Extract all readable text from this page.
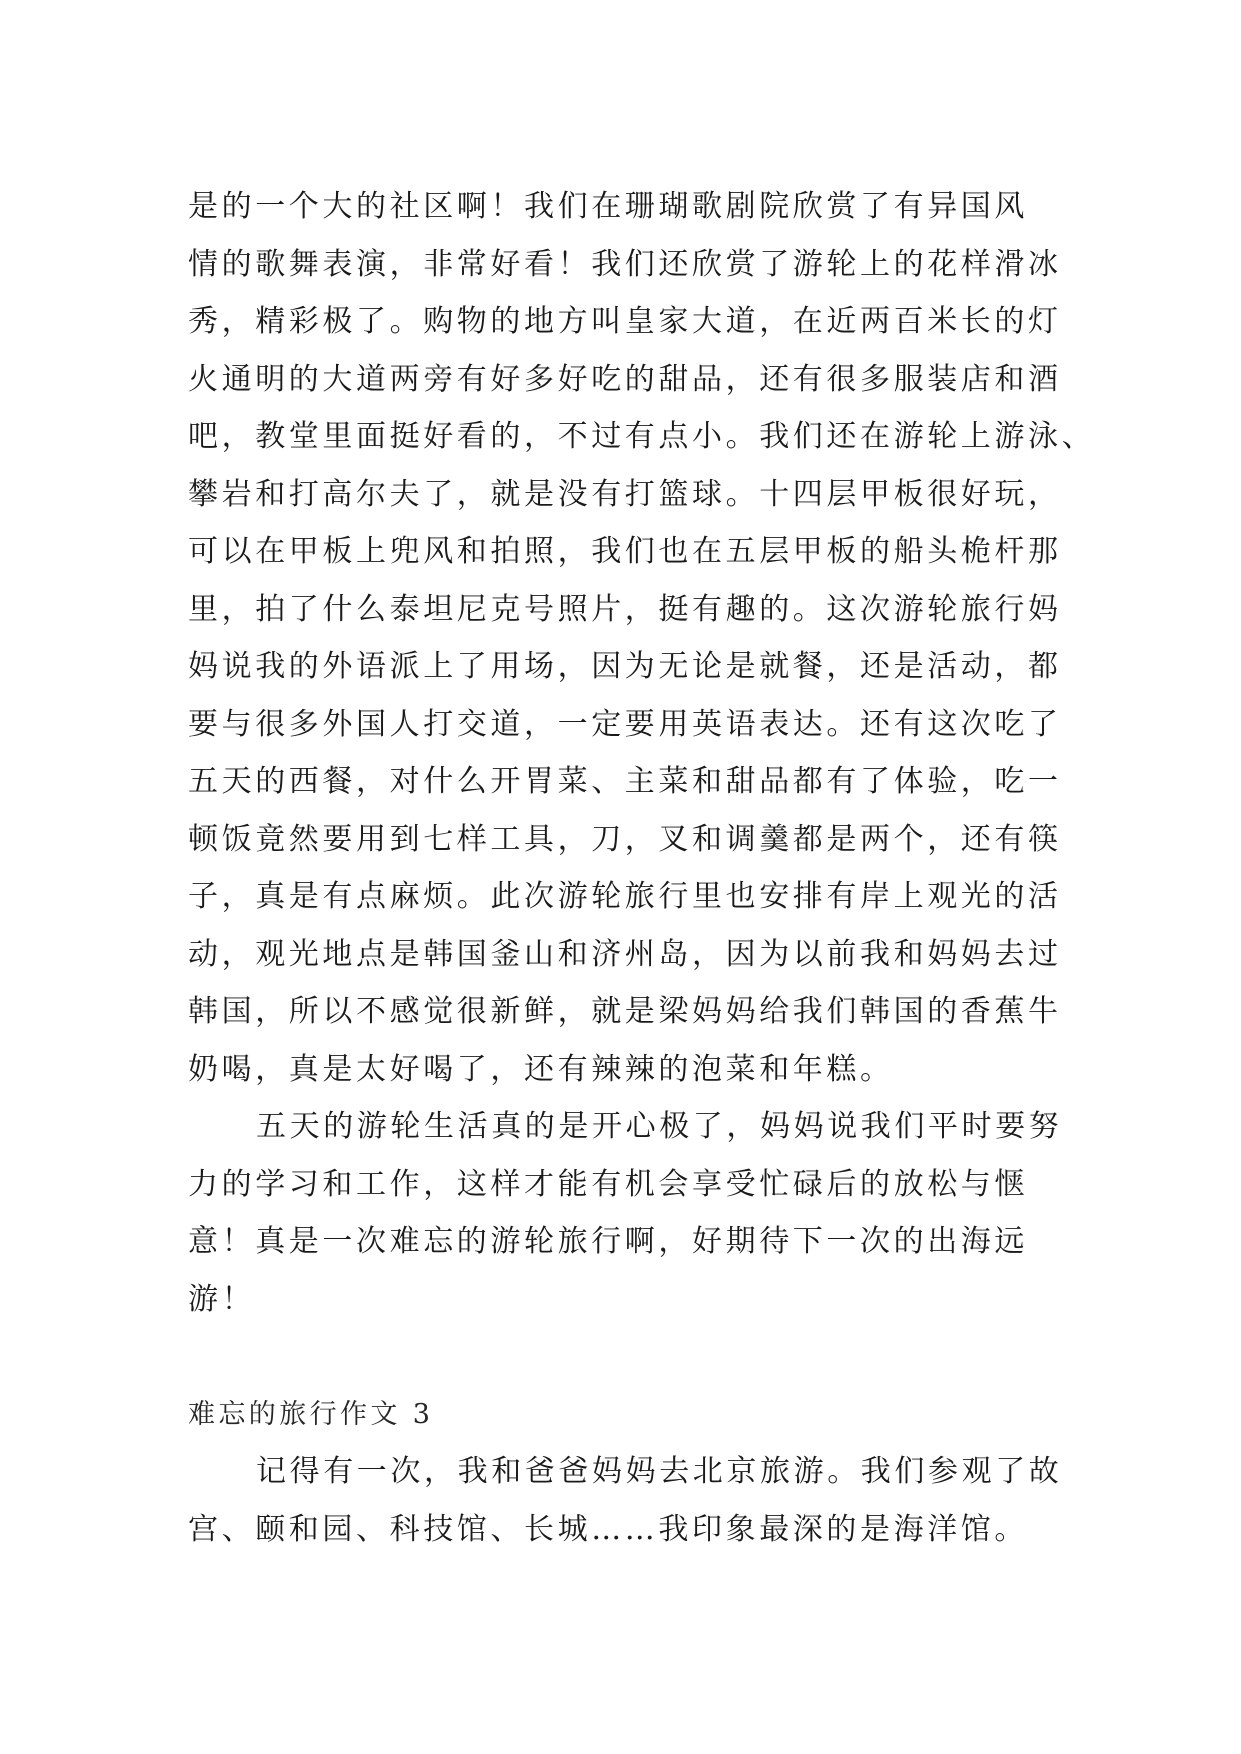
是的一个大的社区啊！我们在珊瑚歌剧院欣赏了有异国风
情的歌舞表演，非常好看！我们还欣赏了游轮上的花样滑冰
秀，精彩极了。购物的地方叫皇家大道，在近两百米长的灯
火通明的大道两旁有好多好吃的甜品，还有很多服装店和酒
吧，教堂里面挺好看的，不过有点小。我们还在游轮上游泳、
攀岩和打高尔夫了，就是没有打篮球。十四层甲板很好玩，
可以在甲板上兜风和拍照，我们也在五层甲板的船头桅杆那
里，拍了什么泰坦尼克号照片，挺有趣的。这次游轮旅行妈
妈说我的外语派上了用场，因为无论是就餐，还是活动，都
要与很多外国人打交道，一定要用英语表达。还有这次吃了
五天的西餐，对什么开胃菜、主菜和甜品都有了体验，吃一
顿饭竟然要用到七样工具，刀，叉和调羹都是两个，还有筷
子，真是有点麻烦。此次游轮旅行里也安排有岸上观光的活
动，观光地点是韩国釜山和济州岛，因为以前我和妈妈去过
韩国，所以不感觉很新鲜，就是梁妈妈给我们韩国的香蕉牛
奶喝，真是太好喝了，还有辣辣的泡菜和年糕。
五天的游轮生活真的是开心极了，妈妈说我们平时要努
力的学习和工作，这样才能有机会享受忙碌后的放松与惬
意！真是一次难忘的游轮旅行啊，好期待下一次的出海远
游！
难忘的旅行作文 3
记得有一次，我和爸爸妈妈去北京旅游。我们参观了故
宫、颐和园、科技馆、长城……我印象最深的是海洋馆。
